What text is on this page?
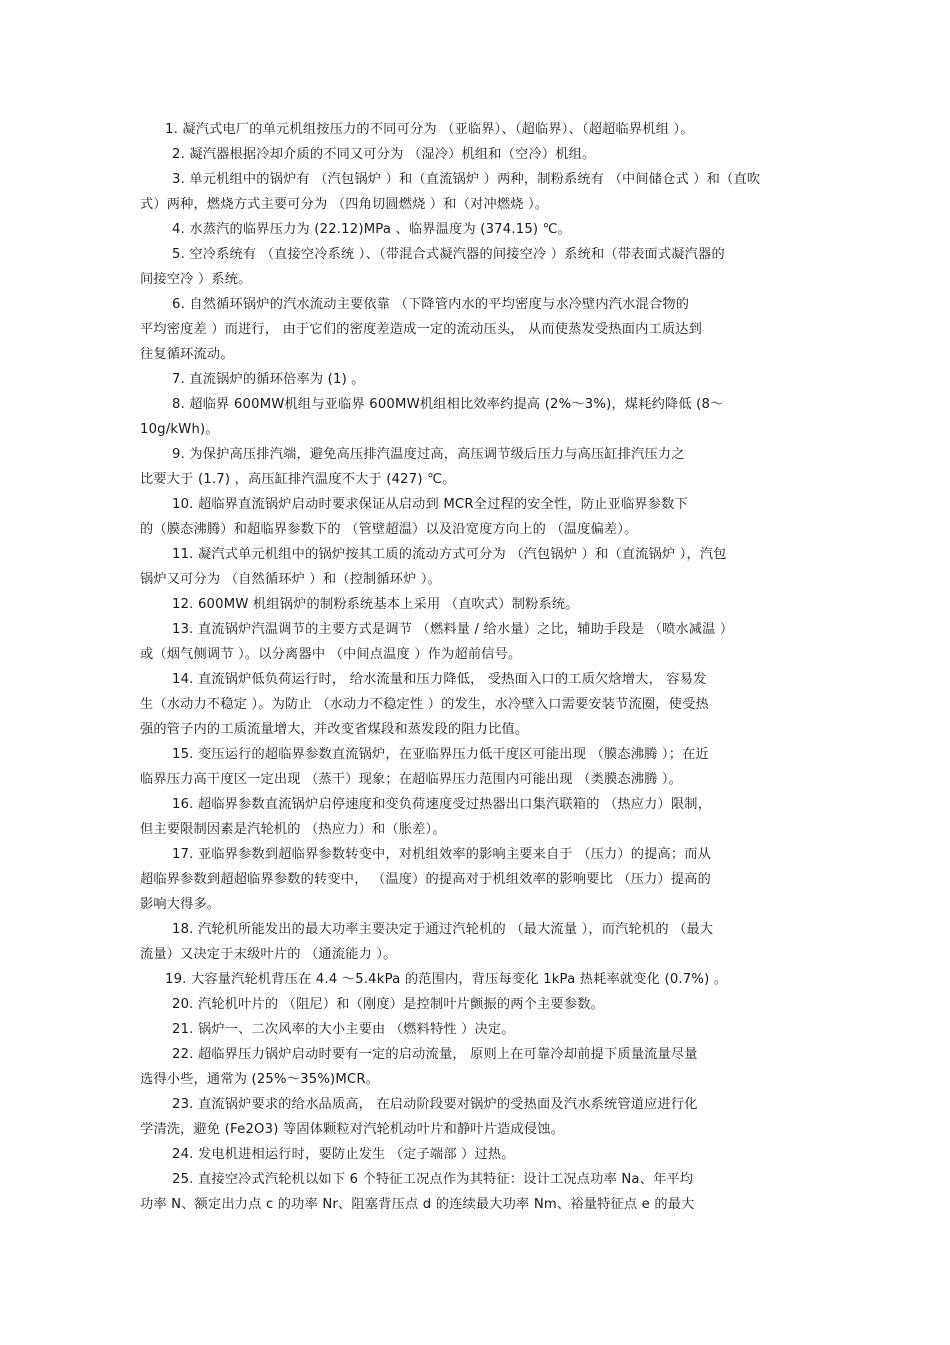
1. 凝汽式电厂的单元机组按压力的不同可分为 （亚临界）、（超临界）、（超超临界机组 ）。
2. 凝汽器根据冷却介质的不同又可分为 （湿冷）机组和（空冷）机组。
3. 单元机组中的锅炉有 （汽包锅炉 ）和（直流锅炉 ）两种，制粉系统有 （中间储仓式 ）和（直吹
式）两种，燃烧方式主要可分为 （四角切圆燃烧 ）和（对冲燃烧 ）。
4. 水蒸汽的临界压力为 (22.12)MPa 、临界温度为 (374.15) ℃。
5. 空冷系统有 （直接空冷系统 ）、（带混合式凝汽器的间接空冷 ）系统和（带表面式凝汽器的
间接空冷 ）系统。
6. 自然循环锅炉的汽水流动主要依靠 （下降管内水的平均密度与水冷壁内汽水混合物的
平均密度差 ）而进行， 由于它们的密度差造成一定的流动压头， 从而使蒸发受热面内工质达到
往复循环流动。
7. 直流锅炉的循环倍率为 (1) 。
8. 超临界 600MW机组与亚临界 600MW机组相比效率约提高 (2%～3%)，煤耗约降低 (8～
10g/kWh)。
9. 为保护高压排汽端，避免高压排汽温度过高，高压调节级后压力与高压缸排汽压力之
比要大于 (1.7) ，高压缸排汽温度不大于 (427) ℃。
10. 超临界直流锅炉启动时要求保证从启动到 MCR全过程的安全性，防止亚临界参数下
的（膜态沸腾）和超临界参数下的 （管壁超温）以及沿宽度方向上的 （温度偏差）。
11. 凝汽式单元机组中的锅炉按其工质的流动方式可分为 （汽包锅炉 ）和（直流锅炉 ），汽包
锅炉又可分为 （自然循环炉 ）和（控制循环炉 ）。
12. 600MW 机组锅炉的制粉系统基本上采用 （直吹式）制粉系统。
13. 直流锅炉汽温调节的主要方式是调节 （燃料量 / 给水量）之比，辅助手段是 （喷水减温 ）
或（烟气侧调节 ）。以分离器中 （中间点温度 ）作为超前信号。
14. 直流锅炉低负荷运行时， 给水流量和压力降低， 受热面入口的工质欠焓增大， 容易发
生（水动力不稳定 ）。为防止 （水动力不稳定性 ）的发生，水冷壁入口需要安装节流圈，使受热
强的管子内的工质流量增大，并改变省煤段和蒸发段的阻力比值。
15. 变压运行的超临界参数直流锅炉，在亚临界压力低干度区可能出现 （膜态沸腾 ）；在近
临界压力高干度区一定出现 （蒸干）现象；在超临界压力范围内可能出现 （类膜态沸腾 ）。
16. 超临界参数直流锅炉启停速度和变负荷速度受过热器出口集汽联箱的 （热应力）限制，
但主要限制因素是汽轮机的 （热应力）和（胀差）。
17. 亚临界参数到超临界参数转变中，对机组效率的影响主要来自于 （压力）的提高；而从
超临界参数到超超临界参数的转变中， （温度）的提高对于机组效率的影响要比 （压力）提高的
影响大得多。
18. 汽轮机所能发出的最大功率主要决定于通过汽轮机的 （最大流量 ），而汽轮机的 （最大
流量）又决定于末级叶片的 （通流能力 ）。
19. 大容量汽轮机背压在 4.4 ～5.4kPa 的范围内，背压每变化 1kPa 热耗率就变化 (0.7%) 。
20. 汽轮机叶片的 （阻尼）和（刚度）是控制叶片颤振的两个主要参数。
21. 锅炉一、二次风率的大小主要由 （燃料特性 ）决定。
22. 超临界压力锅炉启动时要有一定的启动流量， 原则上在可靠冷却前提下质量流量尽量
选得小些，通常为 (25%～35%)MCR。
23. 直流锅炉要求的给水品质高， 在启动阶段要对锅炉的受热面及汽水系统管道应进行化
学清洗，避免 (Fe2O3) 等固体颗粒对汽轮机动叶片和静叶片造成侵蚀。
24. 发电机进相运行时，要防止发生 （定子端部 ）过热。
25. 直接空冷式汽轮机以如下 6 个特征工况点作为其特征：设计工况点功率 Na、年平均
功率 N、额定出力点 c 的功率 Nr、阻塞背压点 d 的连续最大功率 Nm、裕量特征点 e 的最大
